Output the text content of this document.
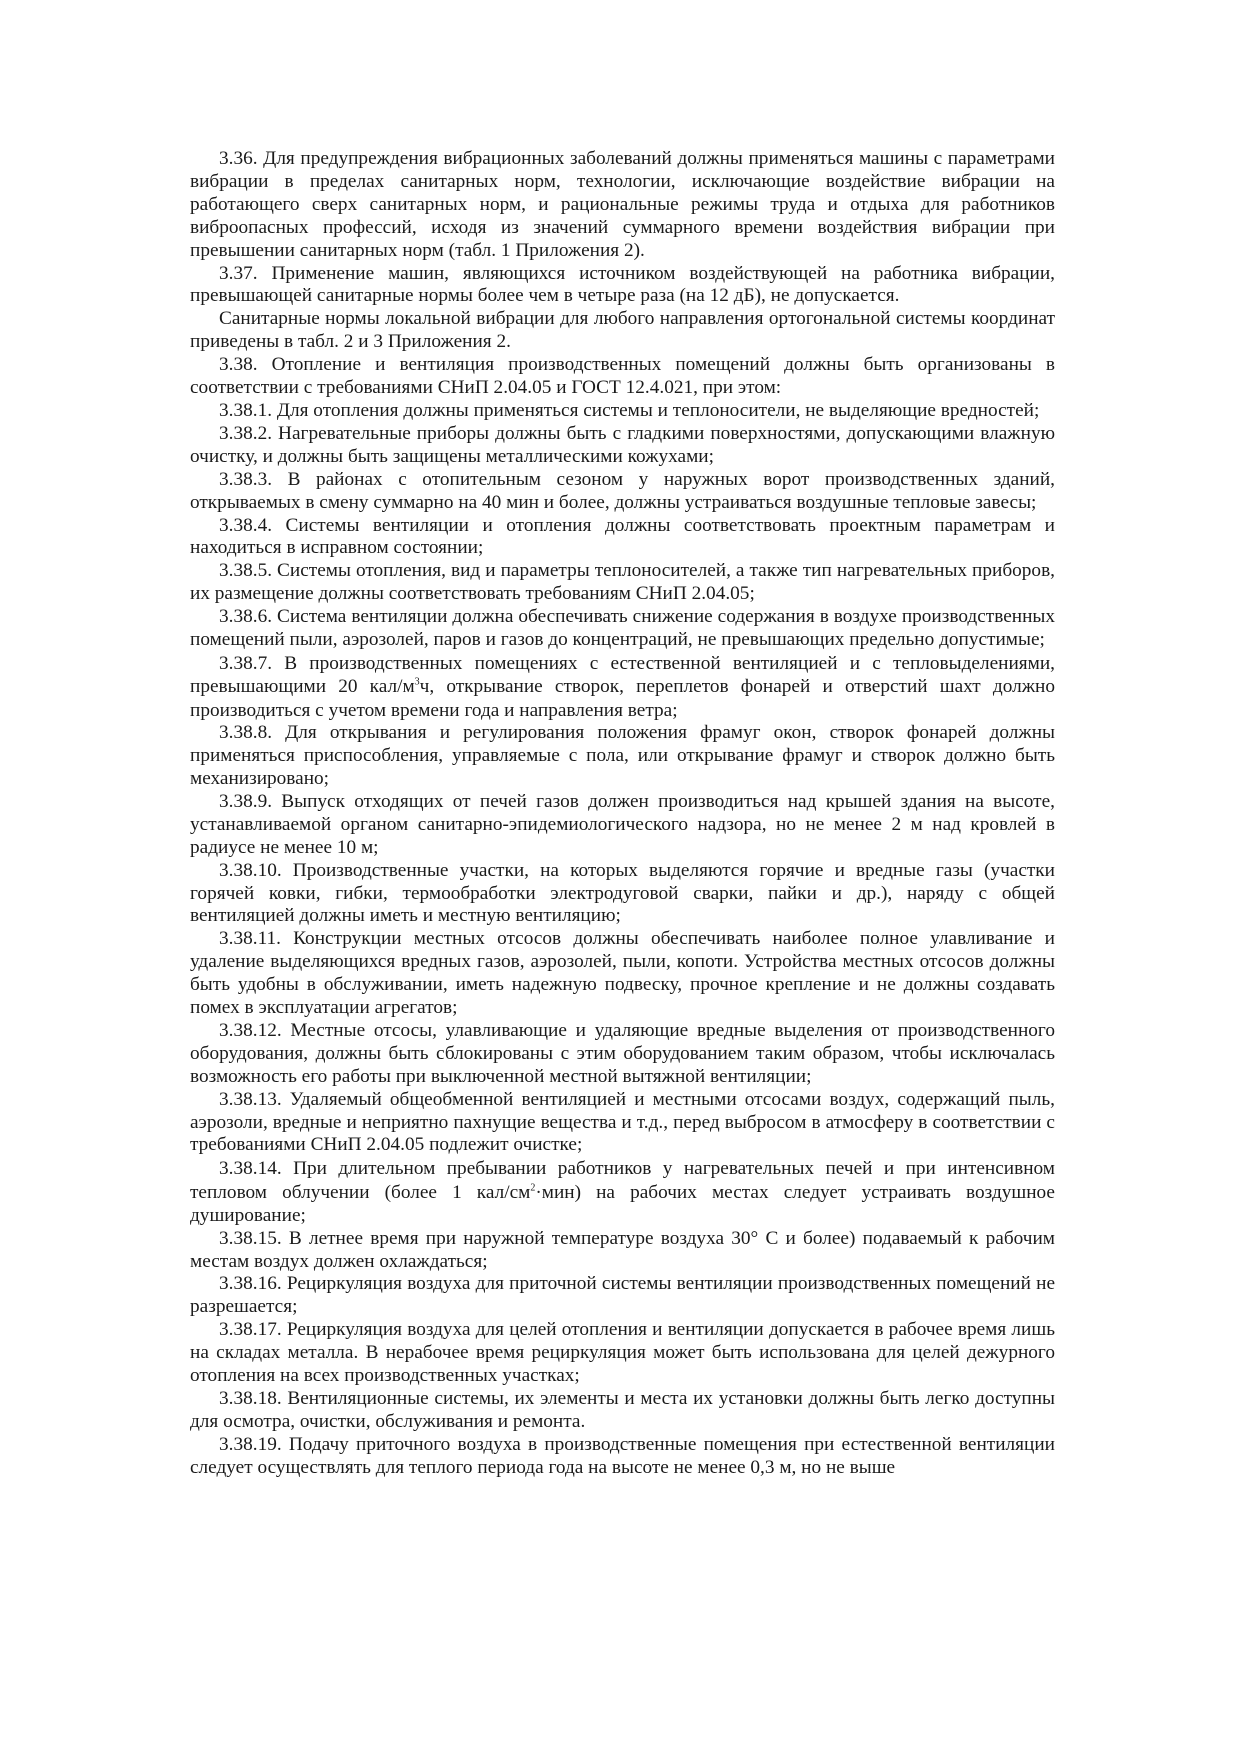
3.36. Для предупреждения вибрационных заболеваний должны применяться машины с параметрами вибрации в пределах санитарных норм, технологии, исключающие воздействие вибрации на работающего сверх санитарных норм, и рациональные режимы труда и отдыха для работников виброопасных профессий, исходя из значений суммарного времени воздействия вибрации при превышении санитарных норм (табл. 1 Приложения 2).

3.37. Применение машин, являющихся источником воздействующей на работника вибрации, превышающей санитарные нормы более чем в четыре раза (на 12 дБ), не допускается.

Санитарные нормы локальной вибрации для любого направления ортогональной системы координат приведены в табл. 2 и 3 Приложения 2.

3.38. Отопление и вентиляция производственных помещений должны быть организованы в соответствии с требованиями СНиП 2.04.05 и ГОСТ 12.4.021, при этом:

3.38.1. Для отопления должны применяться системы и теплоносители, не выделяющие вредностей;

3.38.2. Нагревательные приборы должны быть с гладкими поверхностями, допускающими влажную очистку, и должны быть защищены металлическими кожухами;

3.38.3. В районах с отопительным сезоном у наружных ворот производственных зданий, открываемых в смену суммарно на 40 мин и более, должны устраиваться воздушные тепловые завесы;

3.38.4. Системы вентиляции и отопления должны соответствовать проектным параметрам и находиться в исправном состоянии;

3.38.5. Системы отопления, вид и параметры теплоносителей, а также тип нагревательных приборов, их размещение должны соответствовать требованиям СНиП 2.04.05;

3.38.6. Система вентиляции должна обеспечивать снижение содержания в воздухе производственных помещений пыли, аэрозолей, паров и газов до концентраций, не превышающих предельно допустимые;

3.38.7. В производственных помещениях с естественной вентиляцией и с тепловыделениями, превышающими 20 кал/$м^3ч$, открывание створок, переплетов фонарей и отверстий шахт должно производиться с учетом времени года и направления ветра;

3.38.8. Для открывания и регулирования положения фрамуг окон, створок фонарей должны применяться приспособления, управляемые с пола, или открывание фрамуг и створок должно быть механизировано;

3.38.9. Выпуск отходящих от печей газов должен производиться над крышей здания на высоте, устанавливаемой органом санитарно-эпидемиологического надзора, но не менее 2 м над кровлей в радиусе не менее 10 м;

3.38.10. Производственные участки, на которых выделяются горячие и вредные газы (участки горячей ковки, гибки, термообработки электродуговой сварки, пайки и др.), наряду с общей вентиляцией должны иметь и местную вентиляцию;

3.38.11. Конструкции местных отсосов должны обеспечивать наиболее полное улавливание и удаление выделяющихся вредных газов, аэрозолей, пыли, копоти. Устройства местных отсосов должны быть удобны в обслуживании, иметь надежную подвеску, прочное крепление и не должны создавать помех в эксплуатации агрегатов;

3.38.12. Местные отсосы, улавливающие и удаляющие вредные выделения от производственного оборудования, должны быть сблокированы с этим оборудованием таким образом, чтобы исключалась возможность его работы при выключенной местной вытяжной вентиляции;

3.38.13. Удаляемый общеобменной вентиляцией и местными отсосами воздух, содержащий пыль, аэрозоли, вредные и неприятно пахнущие вещества и т.д., перед выбросом в атмосферу в соответствии с требованиями СНиП 2.04.05 подлежит очистке;

3.38.14. При длительном пребывании работников у нагревательных печей и при интенсивном тепловом облучении (более 1 кал/$см^2\cdot мин$) на рабочих местах следует устраивать воздушное душирование;

3.38.15. В летнее время при наружной температуре воздуха 30° С и более) подаваемый к рабочим местам воздух должен охлаждаться;

3.38.16. Рециркуляция воздуха для приточной системы вентиляции производственных помещений не разрешается;

3.38.17. Рециркуляция воздуха для целей отопления и вентиляции допускается в рабочее время лишь на складах металла. В нерабочее время рециркуляция может быть использована для целей дежурного отопления на всех производственных участках;

3.38.18. Вентиляционные системы, их элементы и места их установки должны быть легко доступны для осмотра, очистки, обслуживания и ремонта.

3.38.19. Подачу приточного воздуха в производственные помещения при естественной вентиляции следует осуществлять для теплого периода года на высоте не менее 0,3 м, но не выше
